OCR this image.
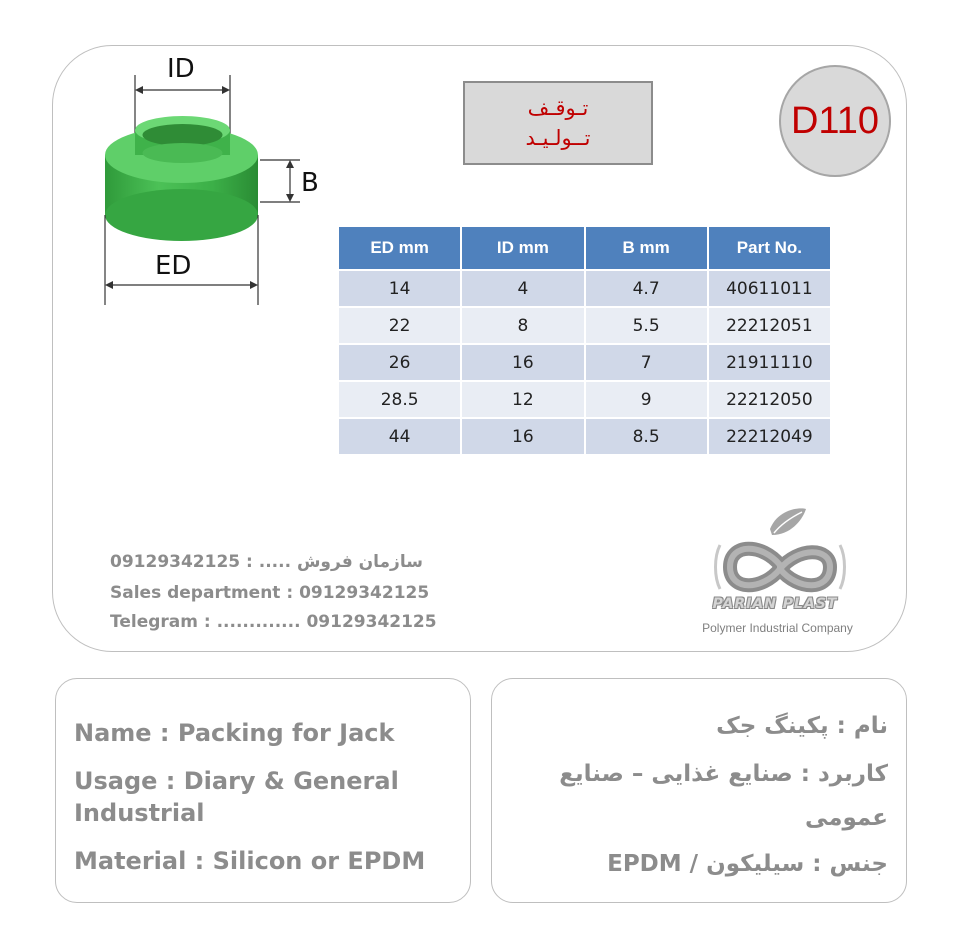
ID
B
ED
تـوقـف
تــولـیـد	D110
ED mm	ID mm	B mm	Part No.
14	4	4.7	40611011
22	8	5.5	22212051
26	16	7	21911110
28.5	12	9	22212050
44	16	8.5	22212049
09129342125 : ..... سازمان فروش
Sales department : 09129342125
Telegram : ............. 09129342125
PARIAN PLAST
Polymer Industrial Company
Name : Packing for Jack
Usage : Diary & General
Industrial
Material : Silicon or EPDM
نام : پکینگ جک
کاربرد : صنایع غذایی – صنایع
عمومی
جنس : سیلیکون / EPDM
